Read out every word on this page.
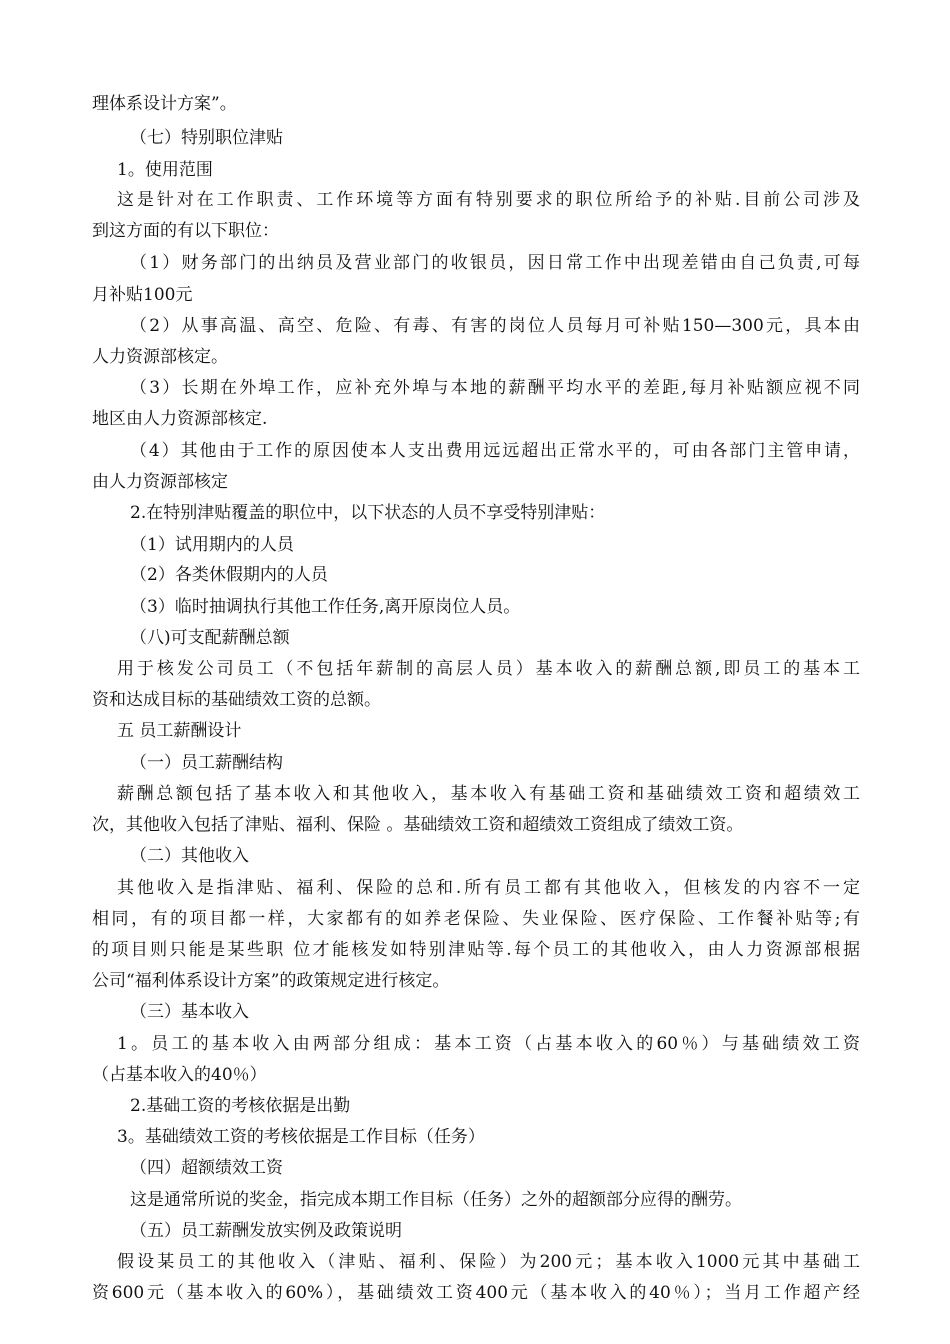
理体系设计方案”。
（七）特别职位津贴
1。使用范围
这是针对在工作职责、工作环境等方面有特别要求的职位所给予的补贴.目前公司涉及
到这方面的有以下职位：
（1）财务部门的出纳员及营业部门的收银员，因日常工作中出现差错由自己负责,可每
月补贴100元
（2）从事高温、高空、危险、有毒、有害的岗位人员每月可补贴150—300元，具本由
人力资源部核定。
（3）长期在外埠工作，应补充外埠与本地的薪酬平均水平的差距,每月补贴额应视不同
地区由人力资源部核定.
（4）其他由于工作的原因使本人支出费用远远超出正常水平的，可由各部门主管申请，
由人力资源部核定
2.在特别津贴覆盖的职位中，以下状态的人员不享受特别津贴：
（1）试用期内的人员
（2）各类休假期内的人员
（3）临时抽调执行其他工作任务,离开原岗位人员。
（八)可支配薪酬总额
用于核发公司员工（不包括年薪制的高层人员）基本收入的薪酬总额,即员工的基本工
资和达成目标的基础绩效工资的总额。
五 员工薪酬设计
（一）员工薪酬结构
薪酬总额包括了基本收入和其他收入，基本收入有基础工资和基础绩效工资和超绩效工
次，其他收入包括了津贴、福利、保险 。基础绩效工资和超绩效工资组成了绩效工资。
（二）其他收入
其他收入是指津贴、福利、保险的总和.所有员工都有其他收入，但核发的内容不一定
相同，有的项目都一样，大家都有的如养老保险、失业保险、医疗保险、工作餐补贴等;有
的项目则只能是某些职 位才能核发如特别津贴等.每个员工的其他收入，由人力资源部根据
公司“福利体系设计方案”的政策规定进行核定。
（三）基本收入
1。员工的基本收入由两部分组成：基本工资（占基本收入的60％）与基础绩效工资
（占基本收入的40％）
2.基础工资的考核依据是出勤
3。基础绩效工资的考核依据是工作目标（任务）
（四）超额绩效工资
这是通常所说的奖金，指完成本期工作目标（任务）之外的超额部分应得的酬劳。
（五）员工薪酬发放实例及政策说明
假设某员工的其他收入（津贴、福利、保险）为200元；基本收入1000元其中基础工
资600元（基本收入的60%），基础绩效工资400元（基本收入的40％）；当月工作超产经
